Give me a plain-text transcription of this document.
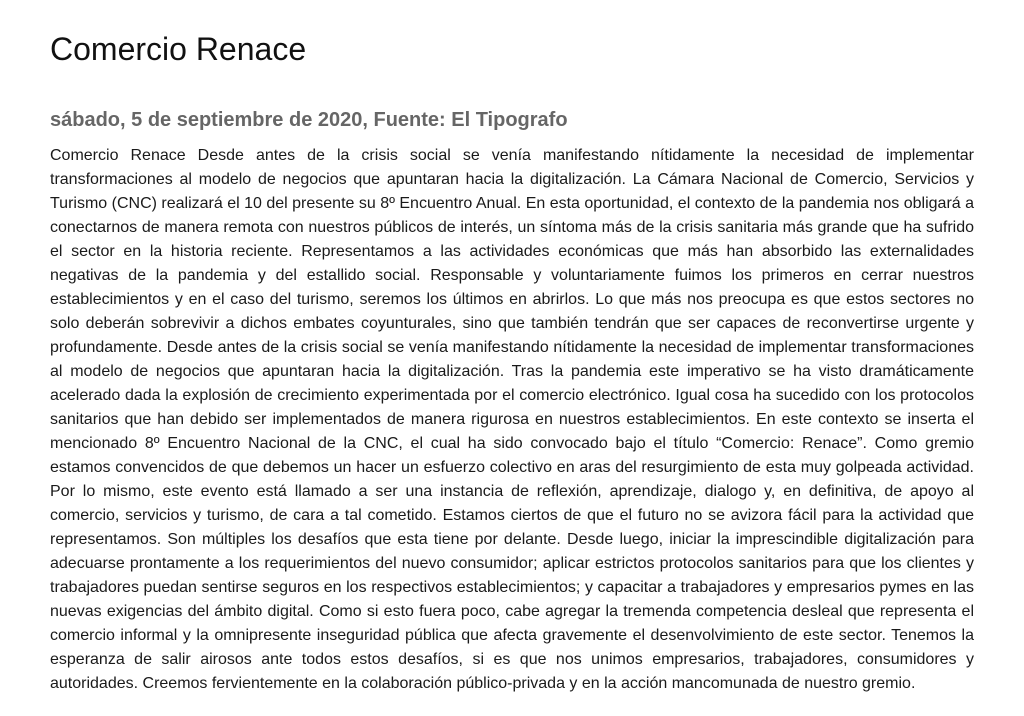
Comercio Renace
sábado, 5 de septiembre de 2020, Fuente: El Tipografo

Comercio Renace Desde antes de la crisis social se venía manifestando nítidamente la necesidad de implementar transformaciones al modelo de negocios que apuntaran hacia la digitalización. La Cámara Nacional de Comercio, Servicios y Turismo (CNC) realizará el 10 del presente su 8º Encuentro Anual. En esta oportunidad, el contexto de la pandemia nos obligará a conectarnos de manera remota con nuestros públicos de interés, un síntoma más de la crisis sanitaria más grande que ha sufrido el sector en la historia reciente. Representamos a las actividades económicas que más han absorbido las externalidades negativas de la pandemia y del estallido social. Responsable y voluntariamente fuimos los primeros en cerrar nuestros establecimientos y en el caso del turismo, seremos los últimos en abrirlos. Lo que más nos preocupa es que estos sectores no solo deberán sobrevivir a dichos embates coyunturales, sino que también tendrán que ser capaces de reconvertirse urgente y profundamente. Desde antes de la crisis social se venía manifestando nítidamente la necesidad de implementar transformaciones al modelo de negocios que apuntaran hacia la digitalización. Tras la pandemia este imperativo se ha visto dramáticamente acelerado dada la explosión de crecimiento experimentada por el comercio electrónico. Igual cosa ha sucedido con los protocolos sanitarios que han debido ser implementados de manera rigurosa en nuestros establecimientos. En este contexto se inserta el mencionado 8º Encuentro Nacional de la CNC, el cual ha sido convocado bajo el título “Comercio: Renace”. Como gremio estamos convencidos de que debemos un hacer un esfuerzo colectivo en aras del resurgimiento de esta muy golpeada actividad. Por lo mismo, este evento está llamado a ser una instancia de reflexión, aprendizaje, dialogo y, en definitiva, de apoyo al comercio, servicios y turismo, de cara a tal cometido. Estamos ciertos de que el futuro no se avizora fácil para la actividad que representamos. Son múltiples los desafíos que esta tiene por delante. Desde luego, iniciar la imprescindible digitalización para adecuarse prontamente a los requerimientos del nuevo consumidor; aplicar estrictos protocolos sanitarios para que los clientes y trabajadores puedan sentirse seguros en los respectivos establecimientos; y capacitar a trabajadores y empresarios pymes en las nuevas exigencias del ámbito digital. Como si esto fuera poco, cabe agregar la tremenda competencia desleal que representa el comercio informal y la omnipresente inseguridad pública que afecta gravemente el desenvolvimiento de este sector. Tenemos la esperanza de salir airosos ante todos estos desafíos, si es que nos unimos empresarios, trabajadores, consumidores y autoridades. Creemos fervientemente en la colaboración público-privada y en la acción mancomunada de nuestro gremio.
